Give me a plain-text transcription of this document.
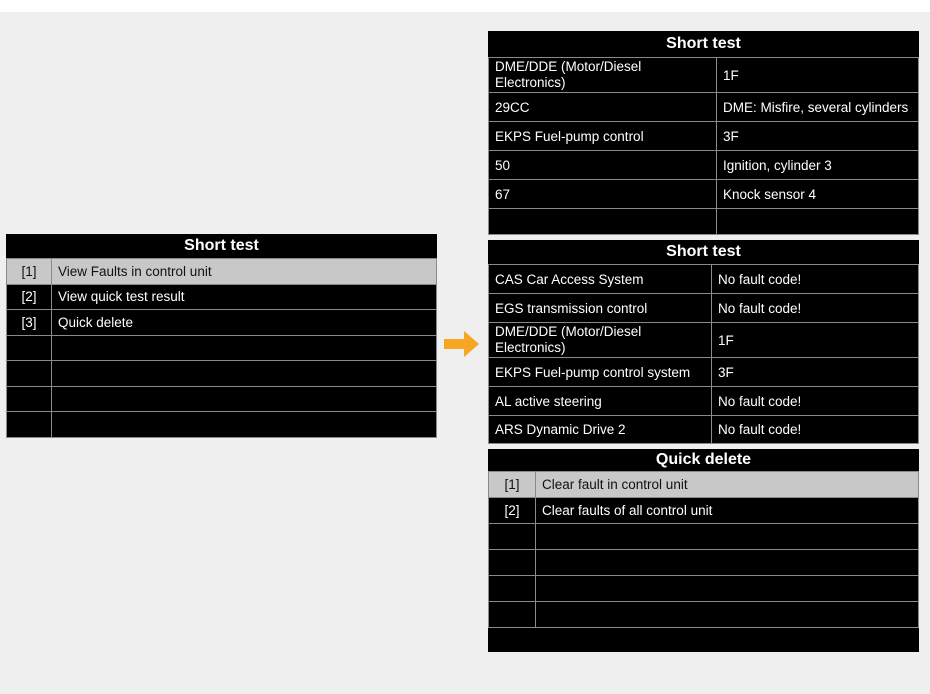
Short test
[1]	View Faults in control unit
[2]	View quick test result
[3]	Quick delete

Short test
DME/DDE (Motor/Diesel Electronics)	1F
29CC	DME: Misfire, several cylinders
EKPS Fuel-pump control	3F
50	Ignition, cylinder 3
67	Knock sensor 4

Short test
CAS Car Access System	No fault code!
EGS transmission control	No fault code!
DME/DDE (Motor/Diesel Electronics)	1F
EKPS Fuel-pump control system	3F
AL active steering	No fault code!
ARS Dynamic Drive 2	No fault code!
Quick delete
[1]	Clear fault in control unit
[2]	Clear faults of all control unit
